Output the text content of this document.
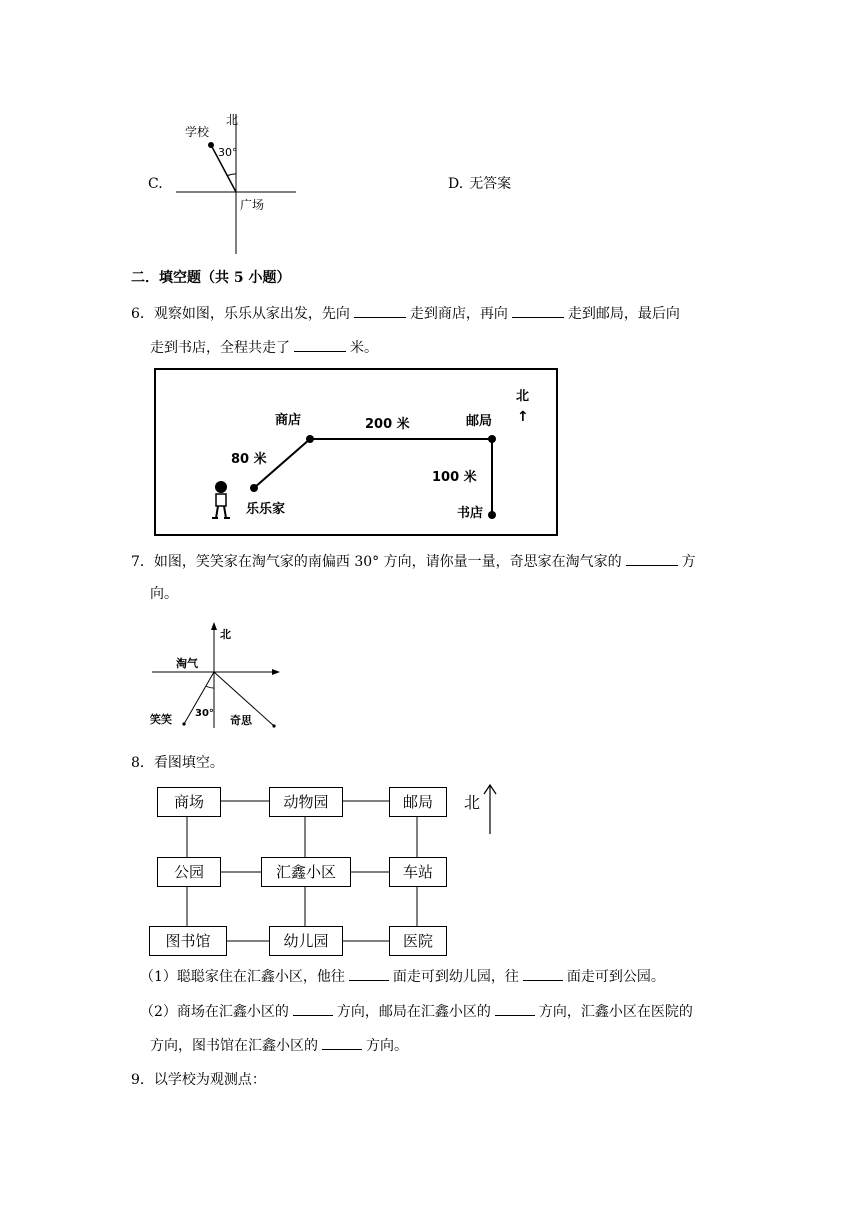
C.
北
学校
30°
广场
D. 无答案
二．填空题（共 5 小题）
6．观察如图，乐乐从家出发，先向	走到商店，再向	走到邮局，最后向
走到书店，全程共走了	米。
商店	200 米	邮局
北
↑
80 米
100 米
乐乐家	书店
7．如图，笑笑家在淘气家的南偏西 30° 方向，请你量一量，奇思家在淘气家的	方
向。
北
淘气
笑笑 30°
奇思
8．看图填空。
北
商场	动物园	邮局
公园	汇鑫小区	车站
图书馆	幼儿园	医院
（1）聪聪家住在汇鑫小区，他往	面走可到幼儿园，往	面走可到公园。
（2）商场在汇鑫小区的	方向，邮局在汇鑫小区的	方向，汇鑫小区在医院的
方向，图书馆在汇鑫小区的	方向。
9．以学校为观测点：
